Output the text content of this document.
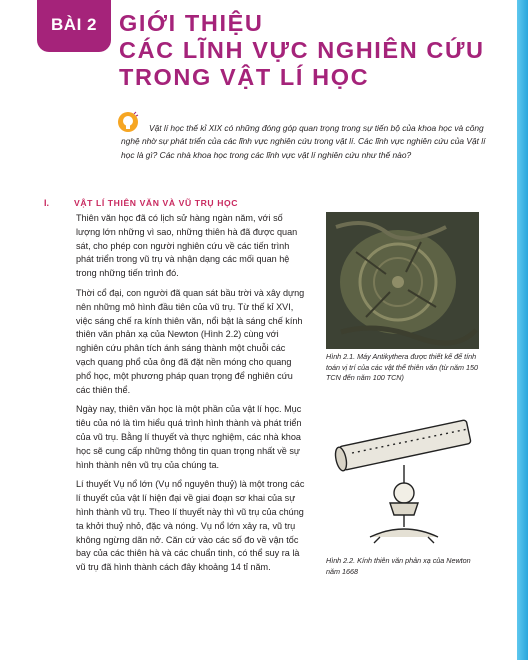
BÀI 2 GIỚI THIỆU
CÁC LĨNH VỰC NGHIÊN CỨU
TRONG VẬT LÍ HỌC

Vật lí học thế kỉ XIX có những đóng góp quan trọng trong sự tiến bộ của khoa học và công nghệ nhờ sự phát triển của các lĩnh vực nghiên cứu trong vật lí. Các lĩnh vực nghiên cứu của Vật lí học là gì? Các nhà khoa học trong các lĩnh vực vật lí nghiên cứu như thế nào?

I.	VẬT LÍ THIÊN VĂN VÀ VŨ TRỤ HỌC

Thiên văn học đã có lịch sử hàng ngàn năm, với số lượng lớn những vì sao, những thiên hà đã được quan sát, cho phép con người nghiên cứu về các tiến trình phát triển trong vũ trụ và nhận dạng các mối quan hệ trong những tiến trình đó.

Thời cổ đại, con người đã quan sát bầu trời và xây dựng nên những mô hình đầu tiên của vũ trụ. Từ thế kỉ XVI, việc sáng chế ra kính thiên văn, nổi bật là sáng chế kính thiên văn phản xạ của Newton (Hình 2.2) cùng với nghiên cứu phân tích ánh sáng thành một chuỗi các vạch quang phổ của ông đã đặt nền móng cho quang phổ học, một phương pháp quan trọng để nghiên cứu các thiên thể.

Ngày nay, thiên văn học là một phần của vật lí học. Mục tiêu của nó là tìm hiểu quá trình hình thành và phát triển của vũ trụ. Bằng lí thuyết và thực nghiệm, các nhà khoa học sẽ cung cấp những thông tin quan trọng nhất về sự hình thành nên vũ trụ của chúng ta.

Lí thuyết Vụ nổ lớn (Vụ nổ nguyên thuỷ) là một trong các lí thuyết của vật lí hiện đại về giai đoạn sơ khai của sự hình thành vũ trụ. Theo lí thuyết này thì vũ trụ của chúng ta khởi thuỷ nhỏ, đặc và nóng. Vụ nổ lớn xảy ra, vũ trụ không ngừng dãn nở. Căn cứ vào các số đo về vận tốc bay của các thiên hà và các chuẩn tinh, có thể suy ra là vũ trụ đã hình thành cách đây khoảng 14 tỉ năm.

Hình 2.1. Máy Antikythera được thiết kế để tính toán vị trí của các vật thể thiên văn (từ năm 150 TCN đến năm 100 TCN)

Hình 2.2. Kính thiên văn phản xạ của Newton năm 1668
